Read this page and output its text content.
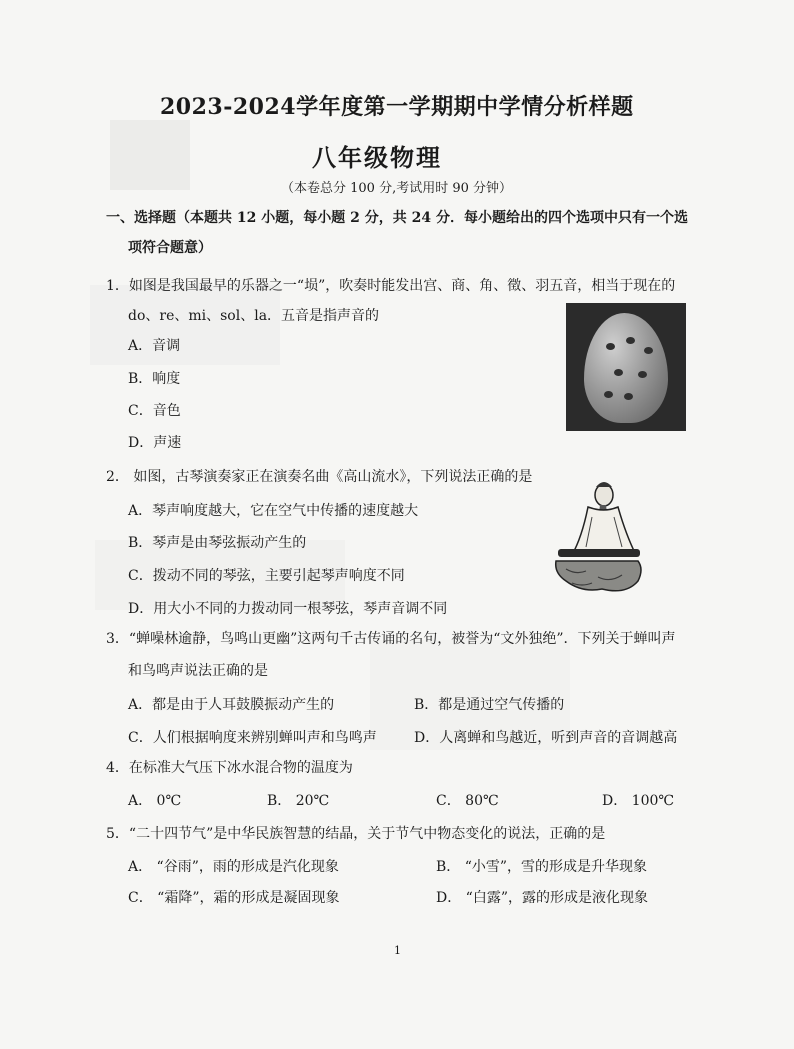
2023-2024学年度第一学期期中学情分析样题
八年级物理
（本卷总分 100 分,考试用时 90 分钟）
一、选择题（本题共 12 小题，每小题 2 分，共 24 分．每小题给出的四个选项中只有一个选
项符合题意）
1．如图是我国最早的乐器之一“埙”，吹奏时能发出宫、商、角、徵、羽五音，相当于现在的
do、re、mi、sol、la．五音是指声音的
A．音调
B．响度
C．音色
D．声速
2． 如图，古琴演奏家正在演奏名曲《高山流水》，下列说法正确的是
A．琴声响度越大，它在空气中传播的速度越大
B．琴声是由琴弦振动产生的
C．拨动不同的琴弦，主要引起琴声响度不同
D．用大小不同的力拨动同一根琴弦，琴声音调不同
3．“蝉噪林逾静，鸟鸣山更幽”这两句千古传诵的名句，被誉为“文外独绝”．下列关于蝉叫声
和鸟鸣声说法正确的是
A．都是由于人耳鼓膜振动产生的	B．都是通过空气传播的
C．人们根据响度来辨别蝉叫声和鸟鸣声	D．人离蝉和鸟越近，听到声音的音调越高
4．在标准大气压下冰水混合物的温度为
A． 0℃	B． 20℃	C． 80℃	D． 100℃
5．“二十四节气”是中华民族智慧的结晶，关于节气中物态变化的说法，正确的是
A． “谷雨”，雨的形成是汽化现象	B． “小雪”，雪的形成是升华现象
C． “霜降”，霜的形成是凝固现象	D． “白露”，露的形成是液化现象
1
